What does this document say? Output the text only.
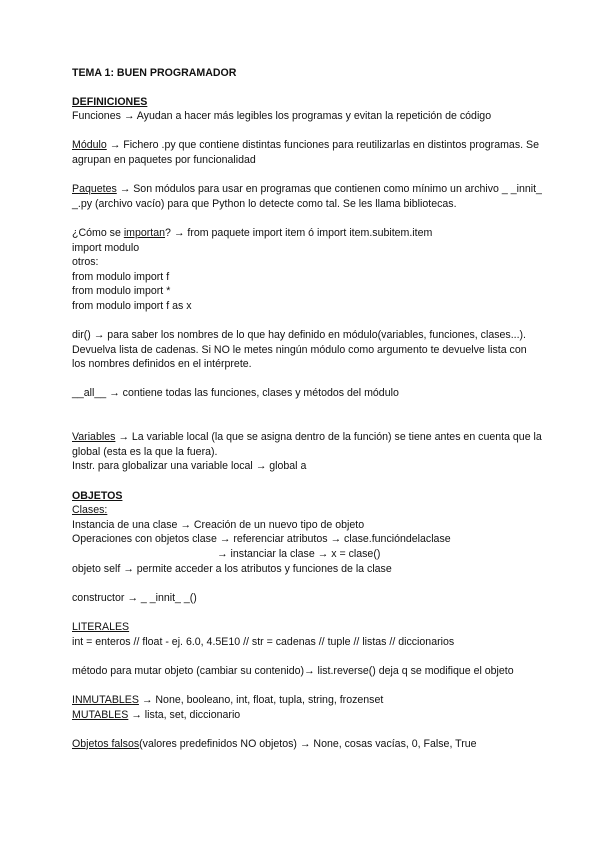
TEMA 1: BUEN PROGRAMADOR
DEFINICIONES
Funciones → Ayudan a hacer más legibles los programas y evitan la repetición de código
Módulo → Fichero .py que contiene distintas funciones para reutilizarlas en distintos programas. Se agrupan en paquetes por funcionalidad
Paquetes → Son módulos para usar en programas que contienen como mínimo un archivo _ _innit_ _.py (archivo vacío) para que Python lo detecte como tal. Se les llama bibliotecas.
¿Cómo se importan? → from paquete import item ó import item.subitem.item
import modulo
otros:
from modulo import f
from modulo import *
from modulo import f as x
dir() → para saber los nombres de lo que hay definido en módulo(variables, funciones, clases...). Devuelva lista de cadenas. Si NO le metes ningún módulo como argumento te devuelve lista con los nombres definidos en el intérprete.
__all__ → contiene todas las funciones, clases y métodos del módulo
Variables → La variable local (la que se asigna dentro de la función) se tiene antes en cuenta que la global (esta es la que la fuera).
Instr. para globalizar una variable local → global a
OBJETOS
Clases:
Instancia de una clase → Creación de un nuevo tipo de objeto
Operaciones con objetos clase → referenciar atributos → clase.funcióndelaclase
→ instanciar la clase → x = clase()
objeto self → permite acceder a los atributos y funciones de la clase
constructor → _ _innit_ _()
LITERALES
int = enteros // float - ej. 6.0, 4.5E10 // str = cadenas // tuple // listas // diccionarios
método para mutar objeto (cambiar su contenido)→ list.reverse() deja q se modifique el objeto
INMUTABLES → None, booleano, int, float, tupla, string, frozenset
MUTABLES → lista, set, diccionario
Objetos falsos(valores predefinidos NO objetos) → None, cosas vacías, 0, False, True
